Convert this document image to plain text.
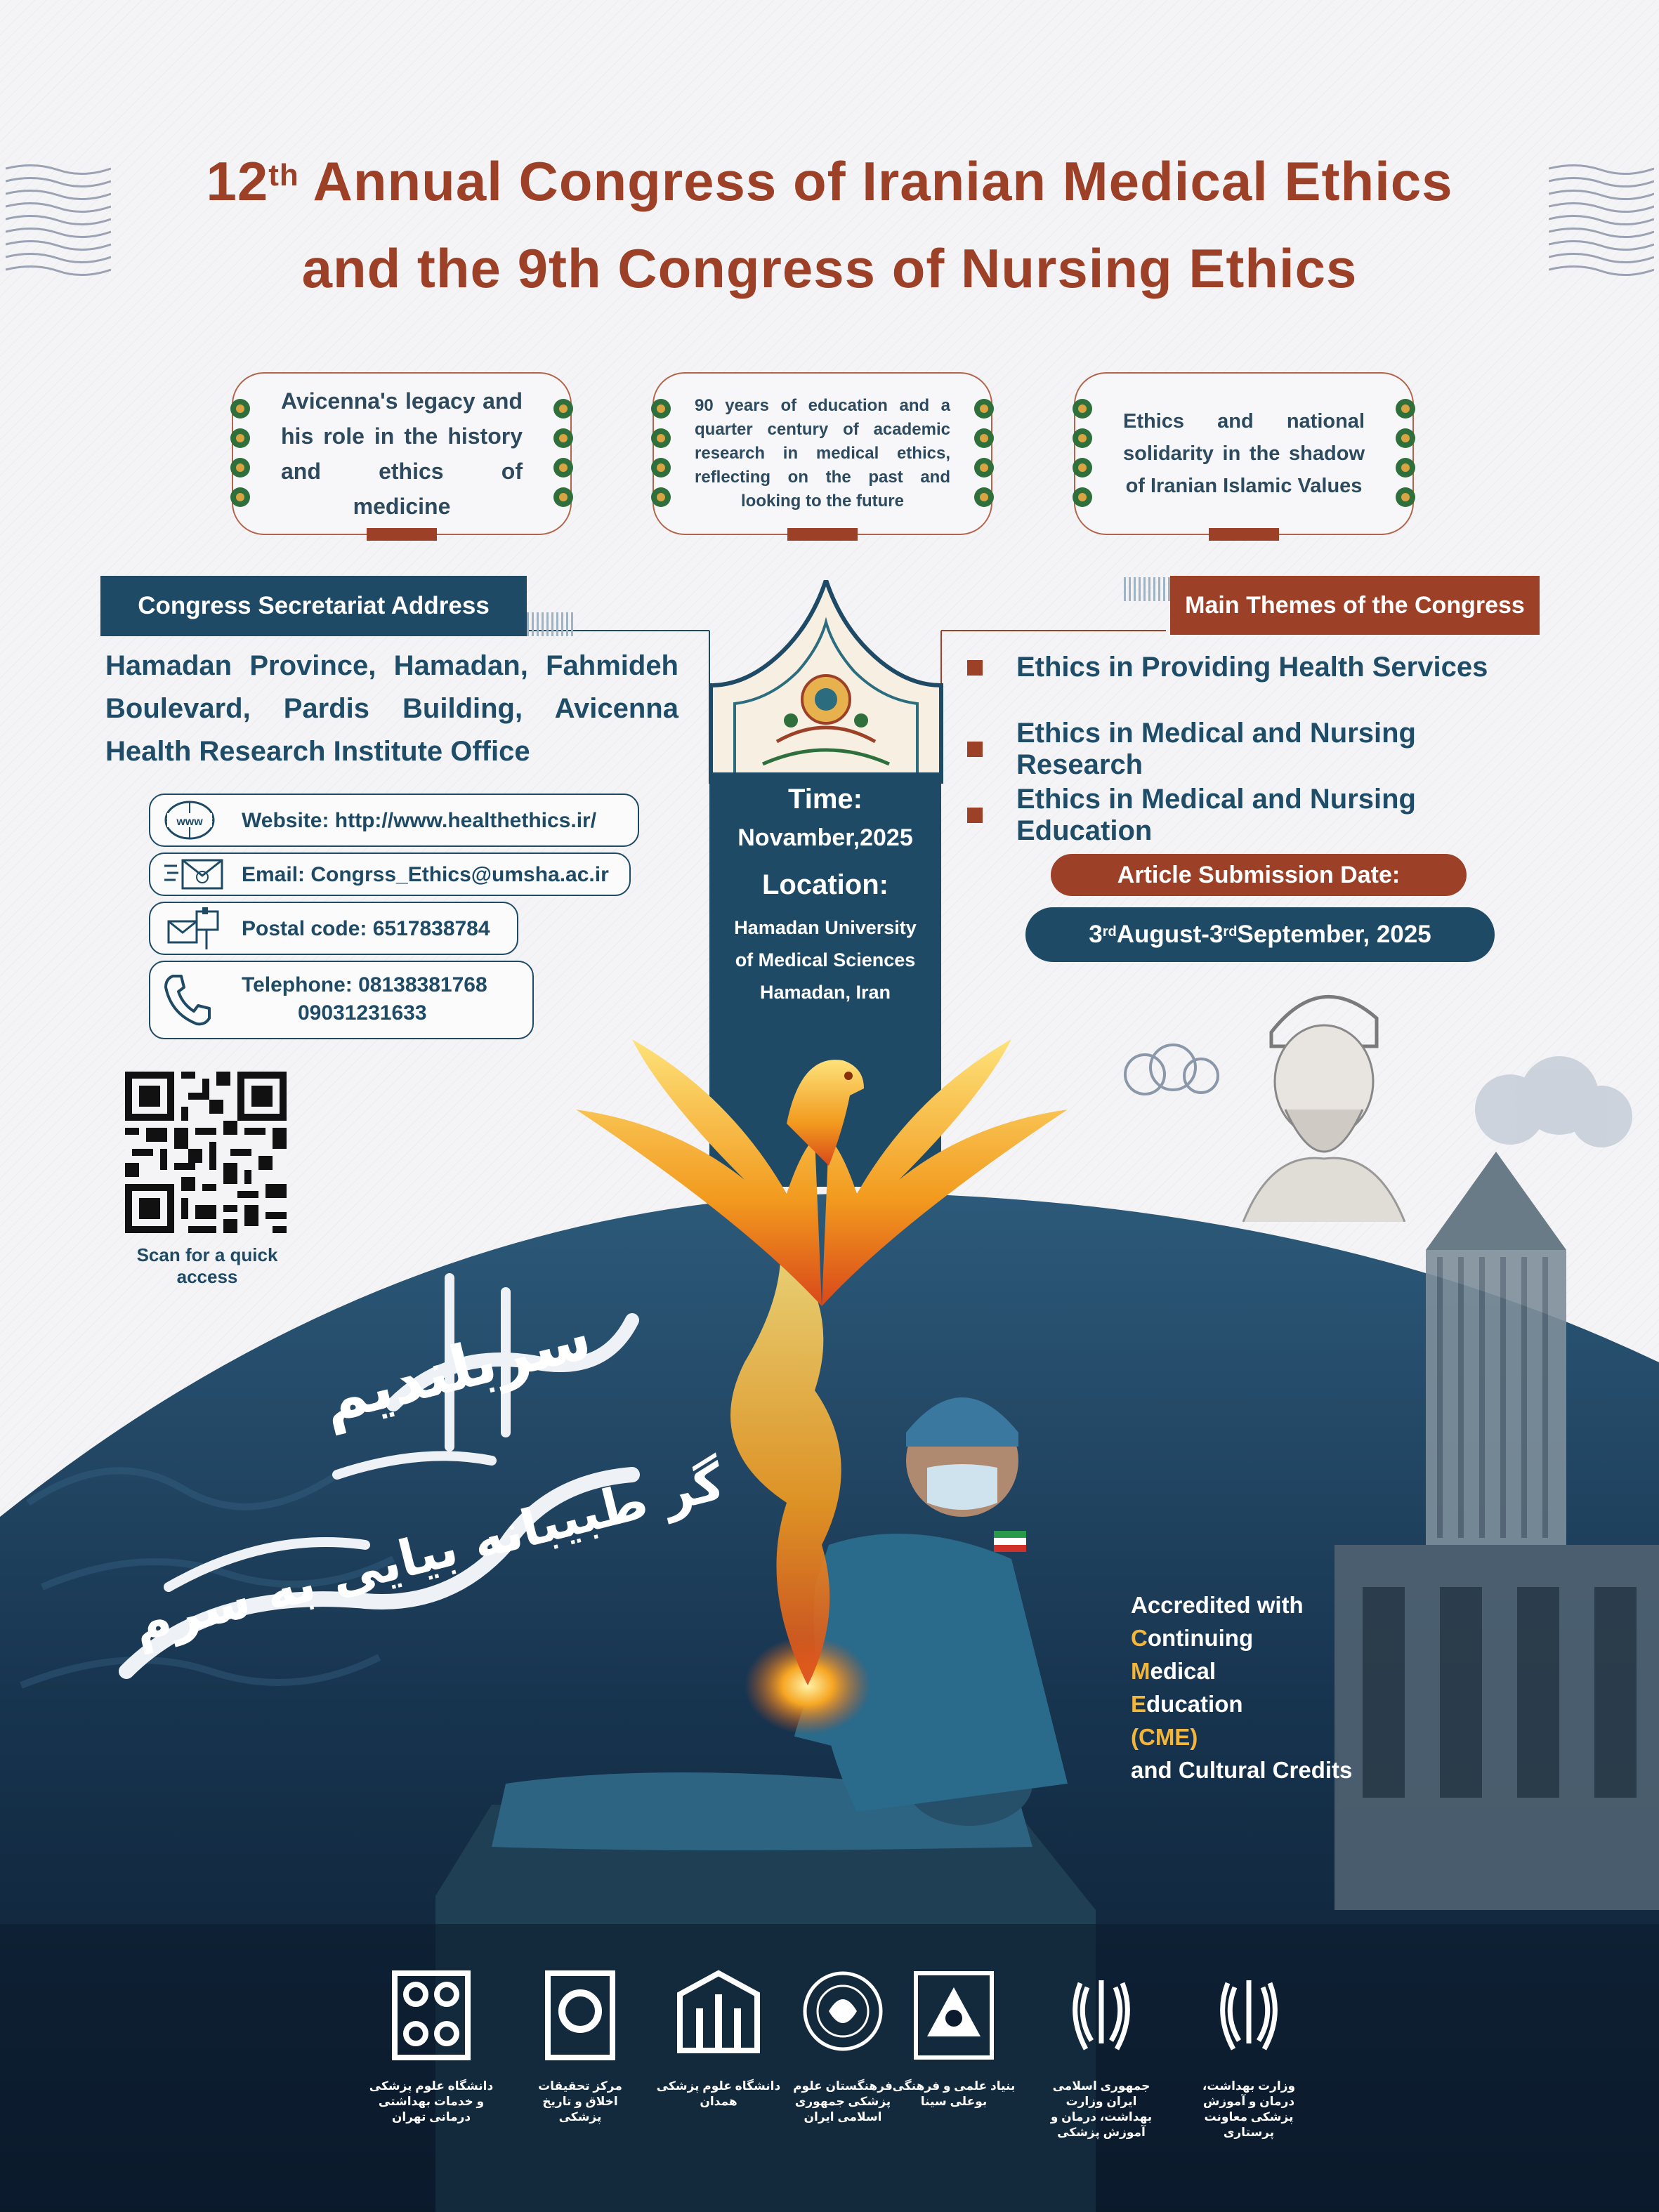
12th Annual Congress of Iranian Medical Ethics
and the 9th Congress of Nursing Ethics
Avicenna's legacy and his role in the history and ethics of medicine
90 years of education and a quarter century of academic research in medical ethics, reflecting on the past and looking to the future
Ethics and national solidarity in the shadow of Iranian Islamic Values
Congress Secretariat Address
Hamadan Province, Hamadan, Fahmideh Boulevard, Pardis Building, Avicenna Health Research Institute Office
www Website: http://www.healthethics.ir/
Email: Congrss_Ethics@umsha.ac.ir
Postal code: 6517838784
Telephone: 08138381768
09031231633
Scan for a quick access
Time:
Novamber,2025
Location:
Hamadan University
of Medical Sciences
Hamadan, Iran
Main Themes of the Congress
Ethics in Providing Health Services
Ethics in Medical and Nursing Research
Ethics in Medical and Nursing Education
Article Submission Date:
3rd August-3rd September, 2025
سربلندیم
گر طبیبانه بیایی به سرم	Accredited with
Continuing
Medical
Education
(CME)
and Cultural Credits
دانشگاه علوم پزشکی و خدمات بهداشتی درمانی تهران
مرکز تحقیقات اخلاق و تاریخ پزشکی
دانشگاه علوم پزشکی همدان
فرهنگستان علوم پزشکی جمهوری اسلامی ایران
بنیاد علمی و فرهنگی بوعلی سینا
جمهوری اسلامی ایران وزارت بهداشت، درمان و آموزش پزشکی
وزارت بهداشت، درمان و آموزش پزشکی معاونت پرستاری
